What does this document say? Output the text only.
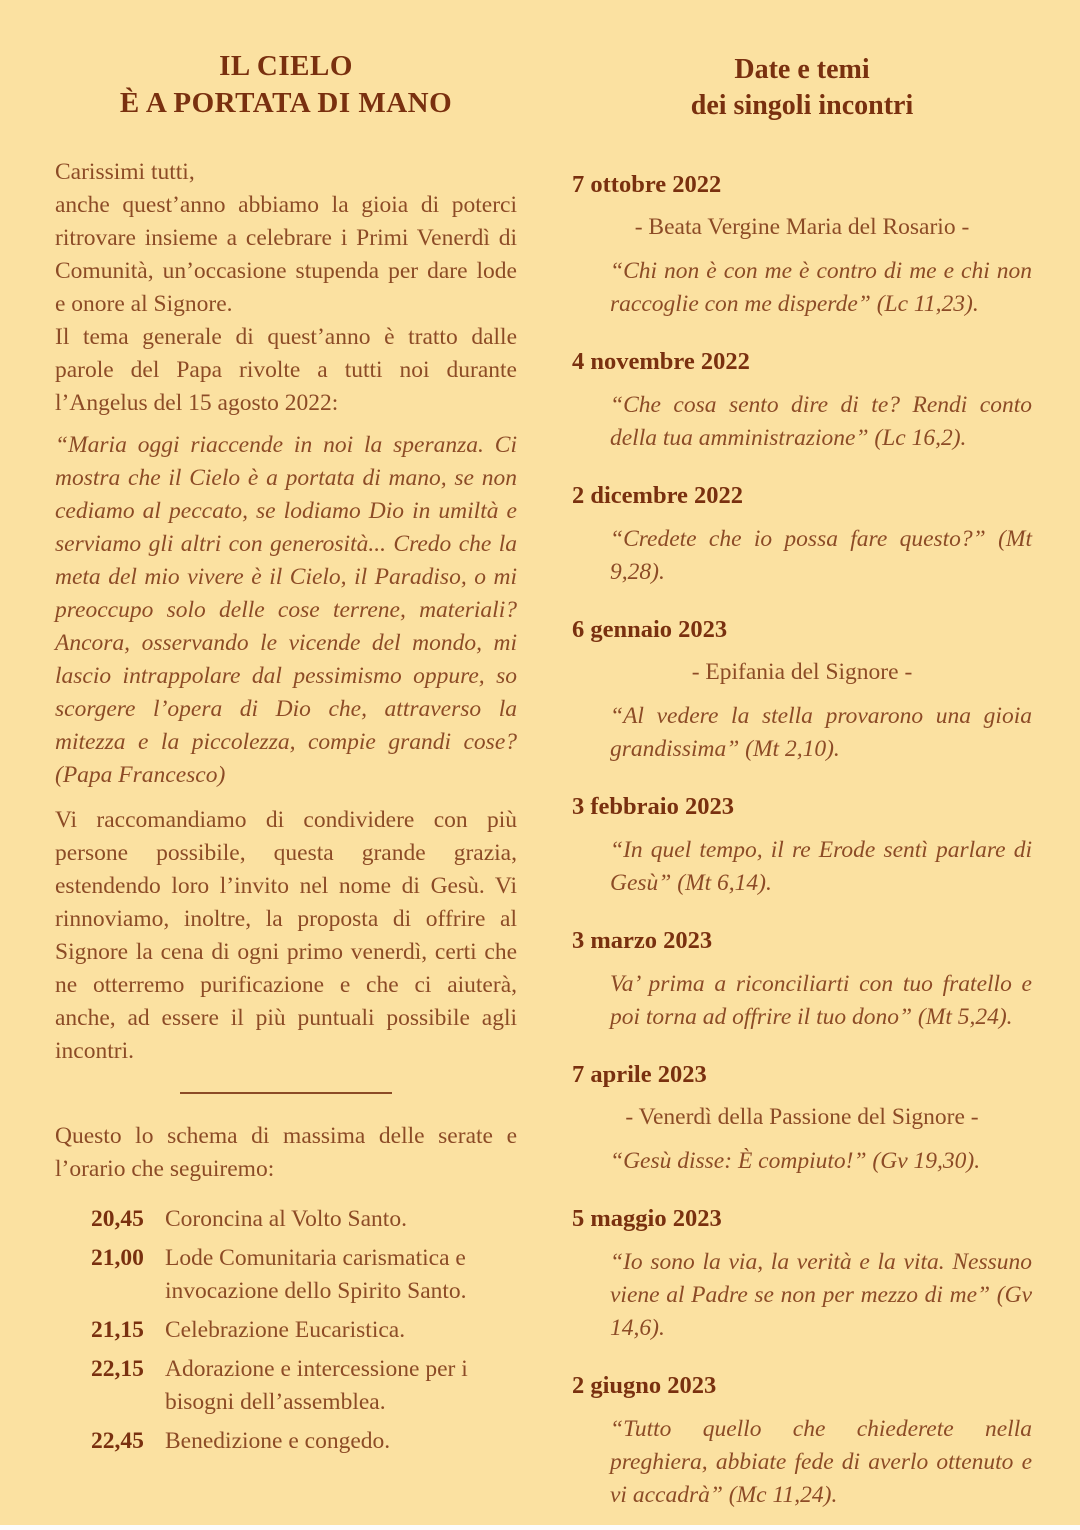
IL CIELO
È A PORTATA DI MANO

Carissimi tutti,

anche quest’anno abbiamo la gioia di poterci ritrovare insieme a celebrare i Primi Venerdì di Comunità, un’occasione stupenda per dare lode e onore al Signore.

Il tema generale di quest’anno è tratto dalle parole del Papa rivolte a tutti noi durante l’Angelus del 15 agosto 2022:

“Maria oggi riaccende in noi la speranza. Ci mostra che il Cielo è a portata di mano, se non cediamo al peccato, se lodiamo Dio in umiltà e serviamo gli altri con generosità... Credo che la meta del mio vivere è il Cielo, il Paradiso, o mi preoccupo solo delle cose terrene, materiali? Ancora, osservando le vicende del mondo, mi lascio intrappolare dal pessimismo oppure, so scorgere l’opera di Dio che, attraverso la mitezza e la piccolezza, compie grandi cose? (Papa Francesco)

Vi raccomandiamo di condividere con più persone possibile, questa grande grazia, estendendo loro l’invito nel nome di Gesù. Vi rinnoviamo, inoltre, la proposta di offrire al Signore la cena di ogni primo venerdì, certi che ne otterremo purificazione e che ci aiuterà, anche, ad essere il più puntuali possibile agli incontri.

Questo lo schema di massima delle serate e l’orario che seguiremo:

20,45 Coroncina al Volto Santo.
21,00 Lode Comunitaria carismatica e invocazione dello Spirito Santo.
21,15 Celebrazione Eucaristica.
22,15 Adorazione e intercessione per i bisogni dell’assemblea.
22,45 Benedizione e congedo.
Date e temi
dei singoli incontri
7 ottobre 2022

- Beata Vergine Maria del Rosario -

“Chi non è con me è contro di me e chi non raccoglie con me disperde” (Lc 11,23).

4 novembre 2022

“Che cosa sento dire di te? Rendi conto della tua amministrazione” (Lc 16,2).

2 dicembre 2022

“Credete che io possa fare questo?” (Mt 9,28).

6 gennaio 2023

- Epifania del Signore -

“Al vedere la stella provarono una gioia grandissima” (Mt 2,10).

3 febbraio 2023

“In quel tempo, il re Erode sentì parlare di Gesù” (Mt 6,14).

3 marzo 2023

Va’ prima a riconciliarti con tuo fratello e poi torna ad offrire il tuo dono” (Mt 5,24).

7 aprile 2023

- Venerdì della Passione del Signore -

“Gesù disse: È compiuto!” (Gv 19,30).

5 maggio 2023

“Io sono la via, la verità e la vita. Nessuno viene al Padre se non per mezzo di me” (Gv 14,6).

2 giugno 2023

“Tutto quello che chiederete nella preghiera, abbiate fede di averlo ottenuto e vi accadrà” (Mc 11,24).
